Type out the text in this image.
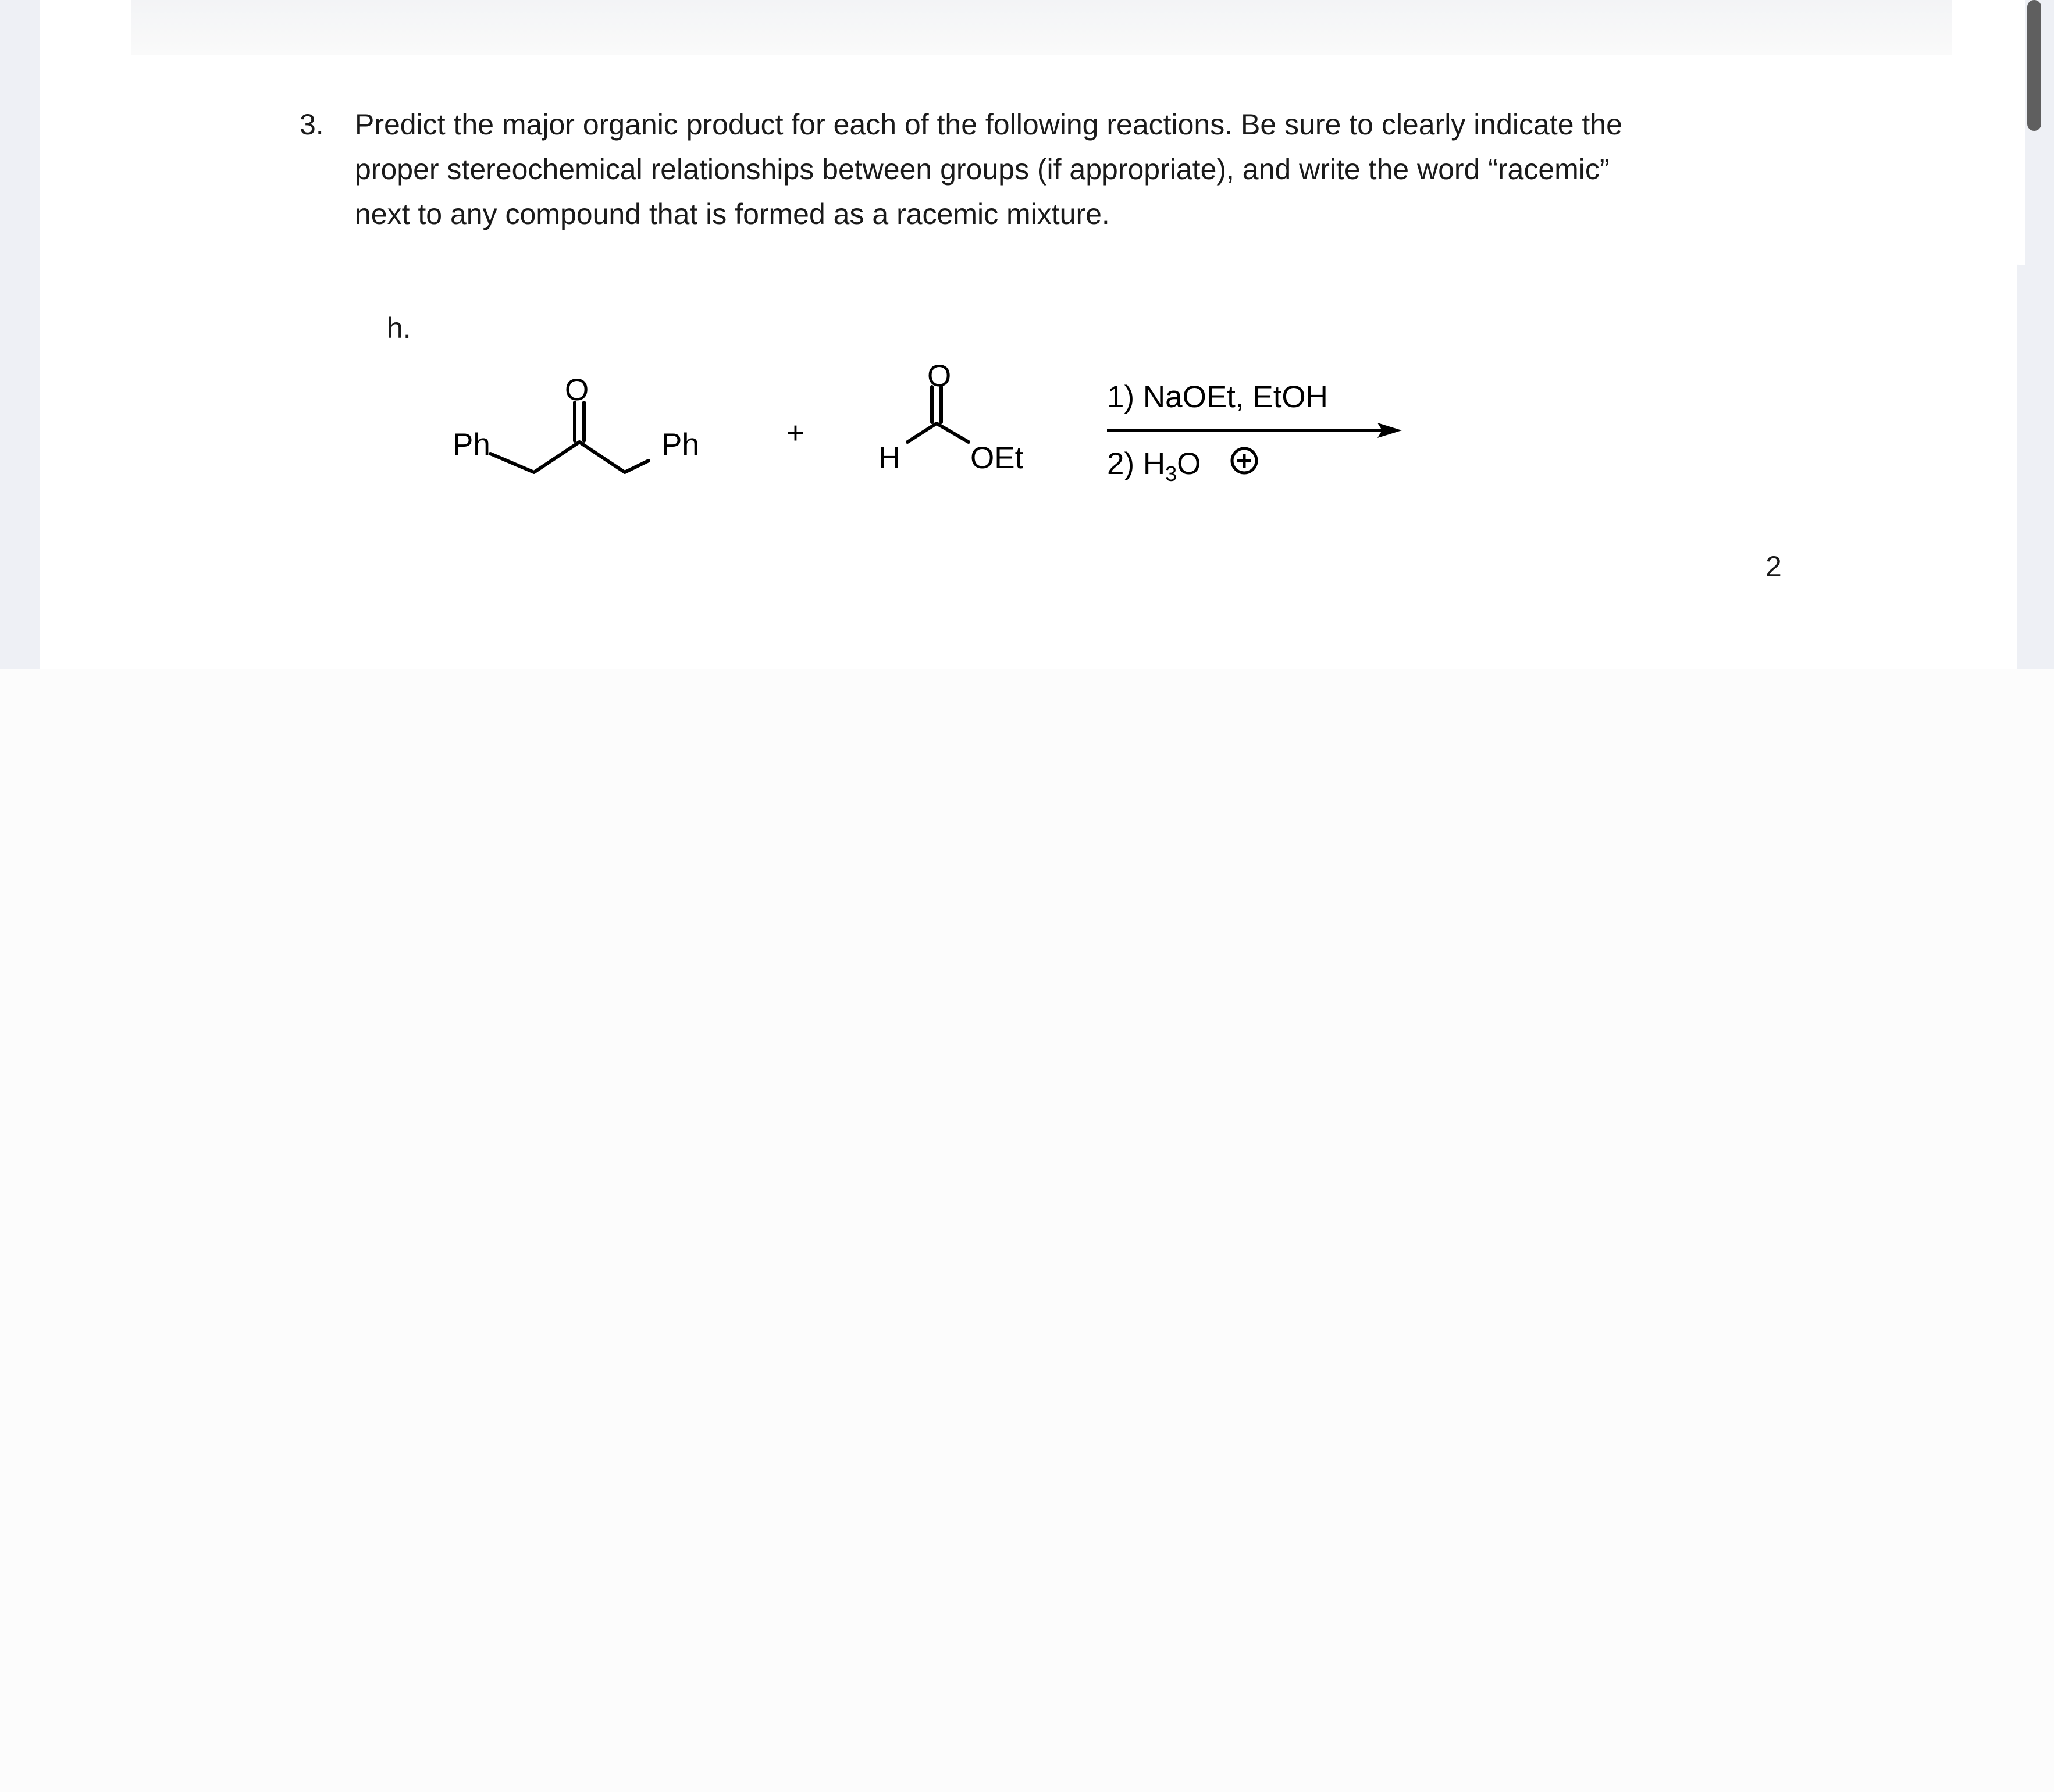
3. Predict the major organic product for each of the following reactions. Be sure to clearly indicate the
proper stereochemical relationships between groups (if appropriate), and write the word “racemic”
next to any compound that is formed as a racemic mixture.
h.
Ph	Ph
O
+
H OEt
O
1) NaOEt, EtOH
2) $H_3O$
2
